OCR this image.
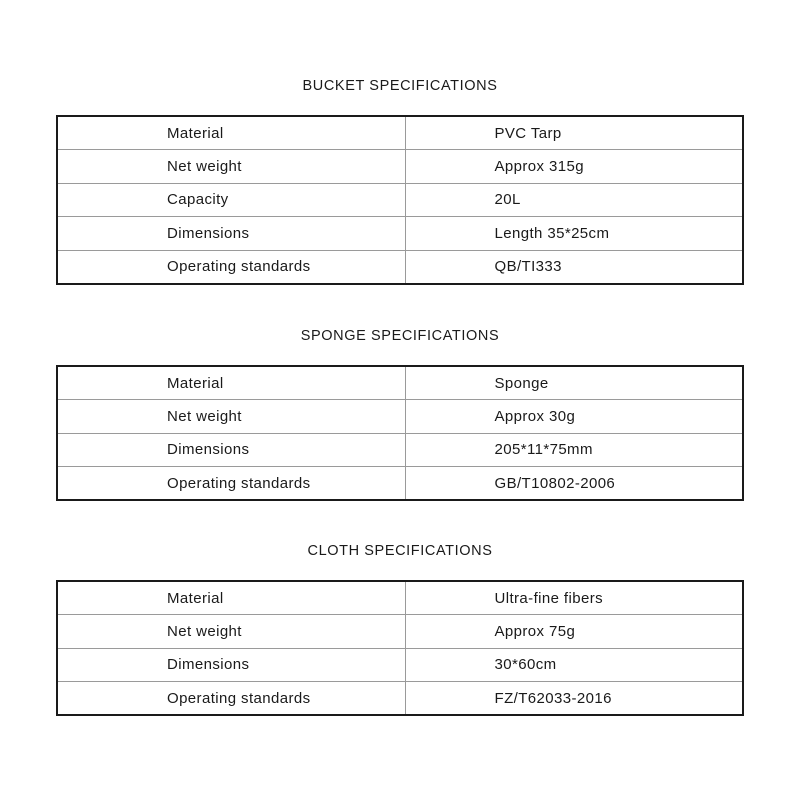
BUCKET SPECIFICATIONS
Material	PVC Tarp
Net weight	Approx 315g
Capacity	20L
Dimensions	Length 35*25cm
Operating standards	QB/TI333
SPONGE SPECIFICATIONS
Material	Sponge
Net weight	Approx 30g
Dimensions	205*11*75mm
Operating standards	GB/T10802-2006
CLOTH SPECIFICATIONS
Material	Ultra-fine fibers
Net weight	Approx 75g
Dimensions	30*60cm
Operating standards	FZ/T62033-2016
